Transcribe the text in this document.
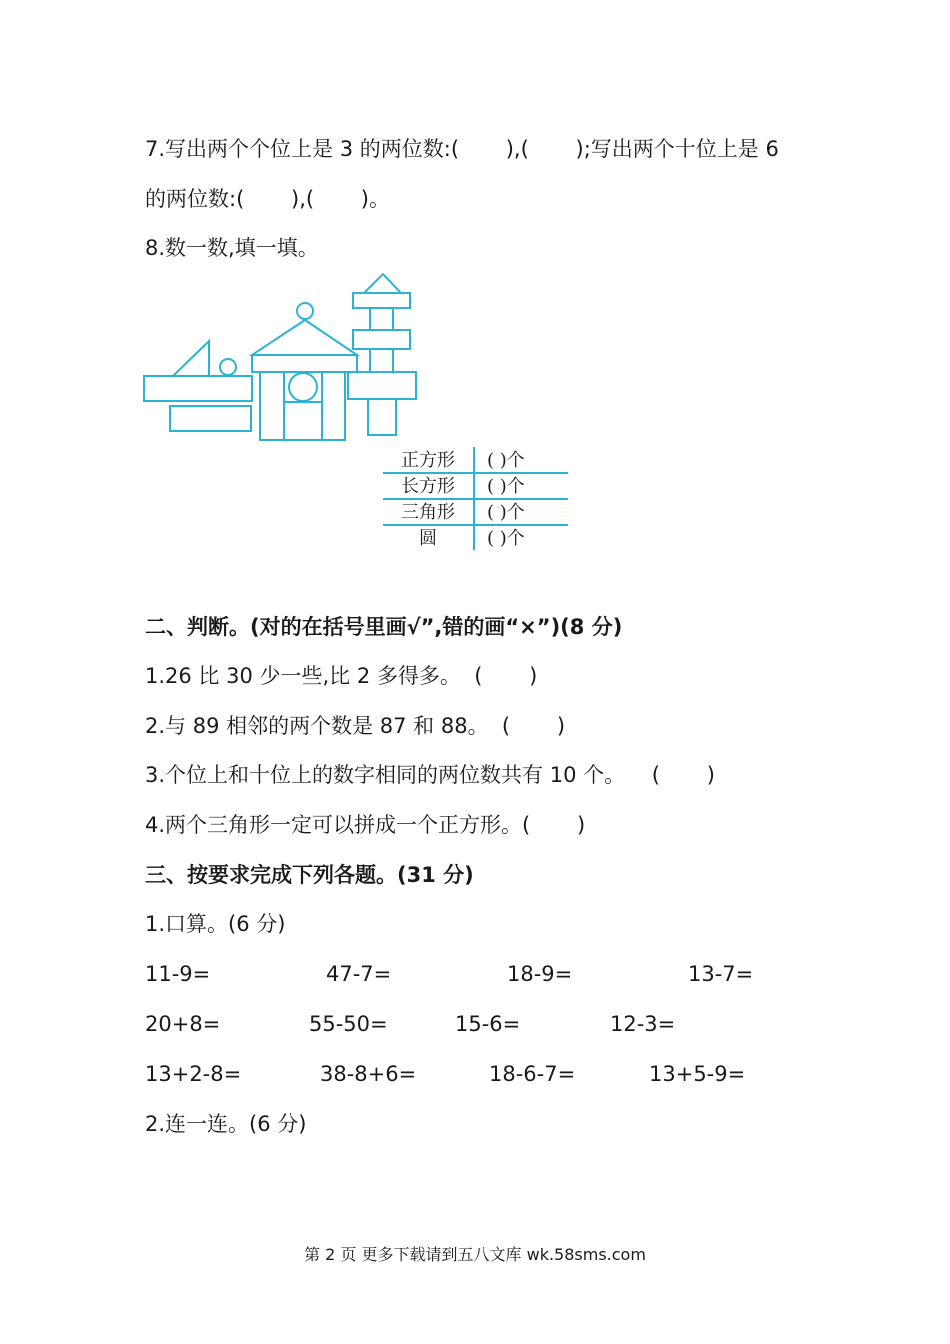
7.写出两个个位上是 3 的两位数:(       ),(       );写出两个十位上是 6
的两位数:(       ),(       )。
8.数一数,填一填。
正方形 ( )个
长方形 ( )个
三角形 ( )个
圆	( )个
二、判断。(对的在括号里画√”,错的画“×”)(8 分)
1.26 比 30 少一些,比 2 多得多。  (       )
2.与 89 相邻的两个数是 87 和 88。  (       )
3.个位上和十位上的数字相同的两位数共有 10 个。    (       )
4.两个三角形一定可以拼成一个正方形。(       )
三、按要求完成下列各题。(31 分)
1.口算。(6 分)
11-9=	47-7=	18-9=	13-7=
20+8=	55-50=	15-6=	12-3=
13+2-8=	38-8+6=	18-6-7=	13+5-9=
2.连一连。(6 分)
第 2 页 更多下载请到五八文库 wk.58sms.com
